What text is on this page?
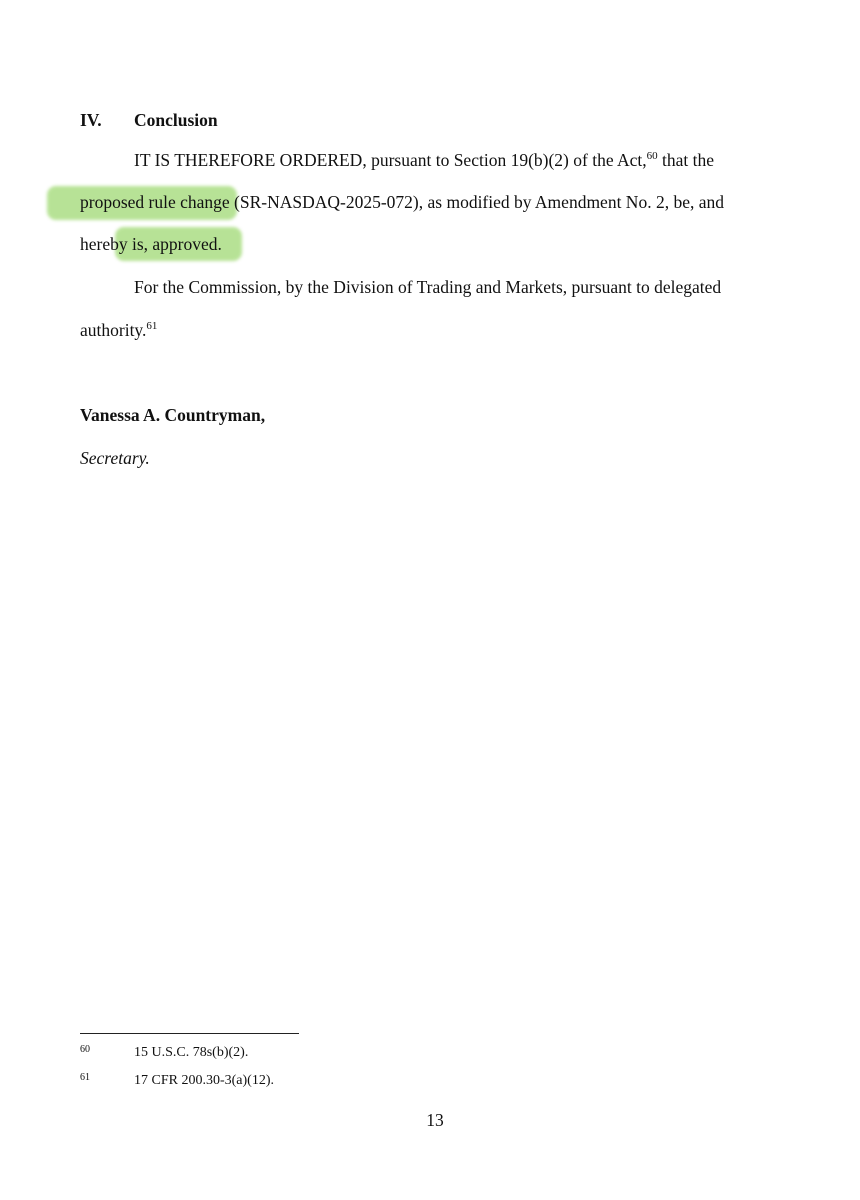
IV. Conclusion
IT IS THEREFORE ORDERED, pursuant to Section 19(b)(2) of the Act,$^{60}$ that the
proposed rule change (SR-NASDAQ-2025-072), as modified by Amendment No. 2, be, and
hereby is, approved.
For the Commission, by the Division of Trading and Markets, pursuant to delegated
authority.$^{61}$
Vanessa A. Countryman,
Secretary.
60	15 U.S.C. 78s(b)(2).
61	17 CFR 200.30-3(a)(12).
13
